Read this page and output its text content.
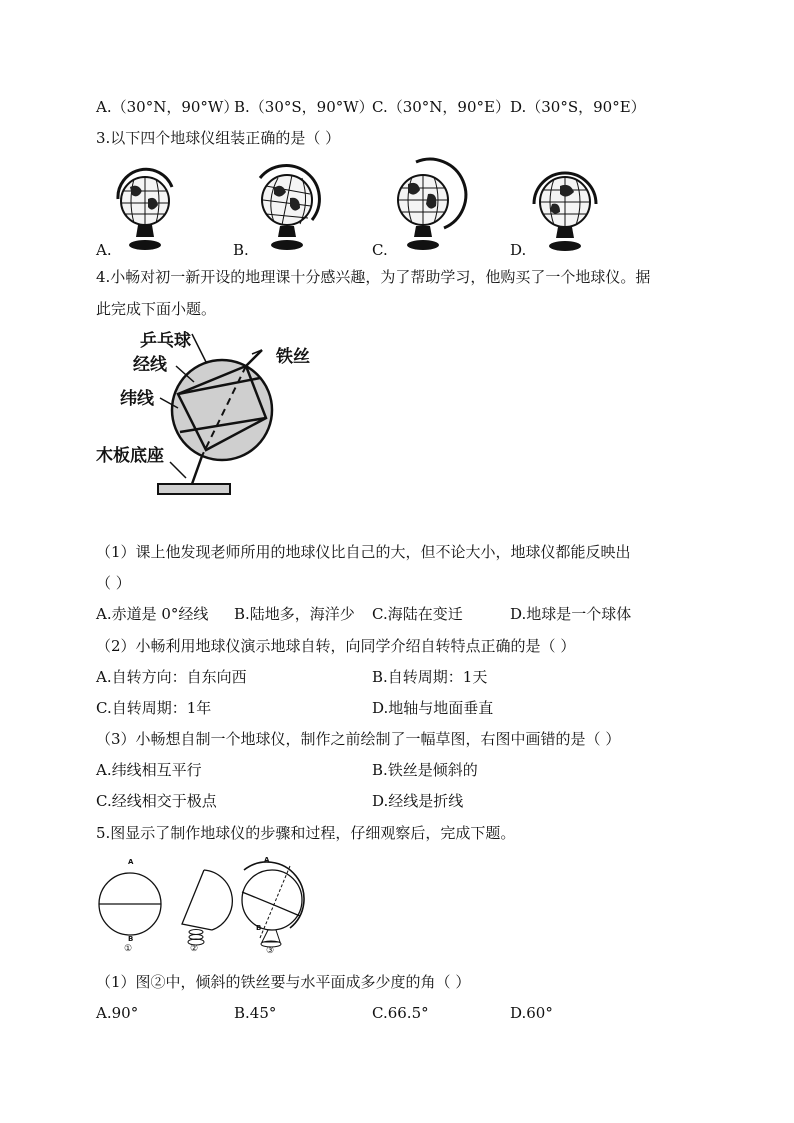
A.（30°N，90°W）
B.（30°S，90°W）
C.（30°N，90°E） D.（30°S，90°E）
3.以下四个地球仪组装正确的是（ ）
A.	B.	C.	D.
4.小畅对初一新开设的地理课十分感兴趣，为了帮助学习，他购买了一个地球仪。据
此完成下面小题。
乒乓球
经线	铁丝
纬线
木板底座
（1）课上他发现老师所用的地球仪比自己的大，但不论大小，地球仪都能反映出
（ ）
A.赤道是 0°经线 B.陆地多，海洋少 C.海陆在变迁	D.地球是一个球体
（2）小畅利用地球仪演示地球自转，向同学介绍自转特点正确的是（ ）
A.自转方向：自东向西	B.自转周期：1天
C.自转周期：1年	D.地轴与地面垂直
（3）小畅想自制一个地球仪，制作之前绘制了一幅草图，右图中画错的是（ ）
A.纬线相互平行	B.铁丝是倾斜的
C.经线相交于极点	D.经线是折线
5.图显示了制作地球仪的步骤和过程，仔细观察后，完成下题。
A
B
A
B
①	②	③
（1）图②中，倾斜的铁丝要与水平面成多少度的角（ ）
A.90°	B.45°	C.66.5°	D.60°
